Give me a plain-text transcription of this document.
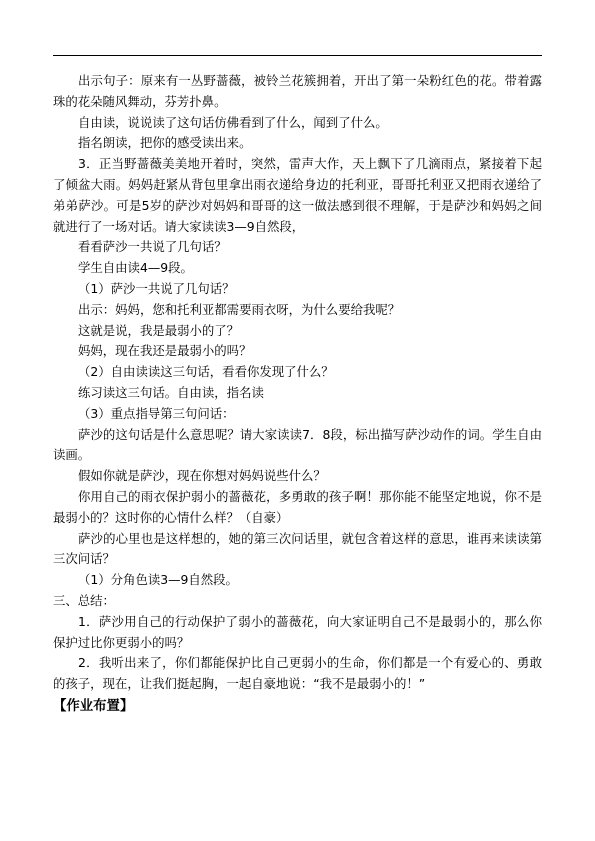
出示句子：原来有一丛野蔷薇，被铃兰花簇拥着，开出了第一朵粉红色的花。带着露珠的花朵随风舞动，芬芳扑鼻。

自由读，说说读了这句话仿佛看到了什么，闻到了什么。

指名朗读，把你的感受读出来。

3．正当野蔷薇美美地开着时，突然，雷声大作，天上飘下了几滴雨点，紧接着下起了倾盆大雨。妈妈赶紧从背包里拿出雨衣递给身边的托利亚，哥哥托利亚又把雨衣递给了弟弟萨沙。可是5岁的萨沙对妈妈和哥哥的这一做法感到很不理解，于是萨沙和妈妈之间就进行了一场对话。请大家读读3—9自然段，

看看萨沙一共说了几句话？

学生自由读4—9段。

（1）萨沙一共说了几句话？

出示：妈妈，您和托利亚都需要雨衣呀，为什么要给我呢？

这就是说，我是最弱小的了？

妈妈，现在我还是最弱小的吗？

（2）自由读读这三句话，看看你发现了什么？

练习读这三句话。自由读，指名读

（3）重点指导第三句问话：

萨沙的这句话是什么意思呢？请大家读读7．8段，标出描写萨沙动作的词。学生自由读画。

假如你就是萨沙，现在你想对妈妈说些什么？

你用自己的雨衣保护弱小的蔷薇花，多勇敢的孩子啊！那你能不能坚定地说，你不是最弱小的？这时你的心情什么样？（自豪）

萨沙的心里也是这样想的，她的第三次问话里，就包含着这样的意思，谁再来读读第三次问话？

（1）分角色读3—9自然段。

三、总结：

1．萨沙用自己的行动保护了弱小的蔷薇花，向大家证明自己不是最弱小的，那么你保护过比你更弱小的吗？

2．我听出来了，你们都能保护比自己更弱小的生命，你们都是一个有爱心的、勇敢的孩子，现在，让我们挺起胸，一起自豪地说：“我不是最弱小的！”

【作业布置】
